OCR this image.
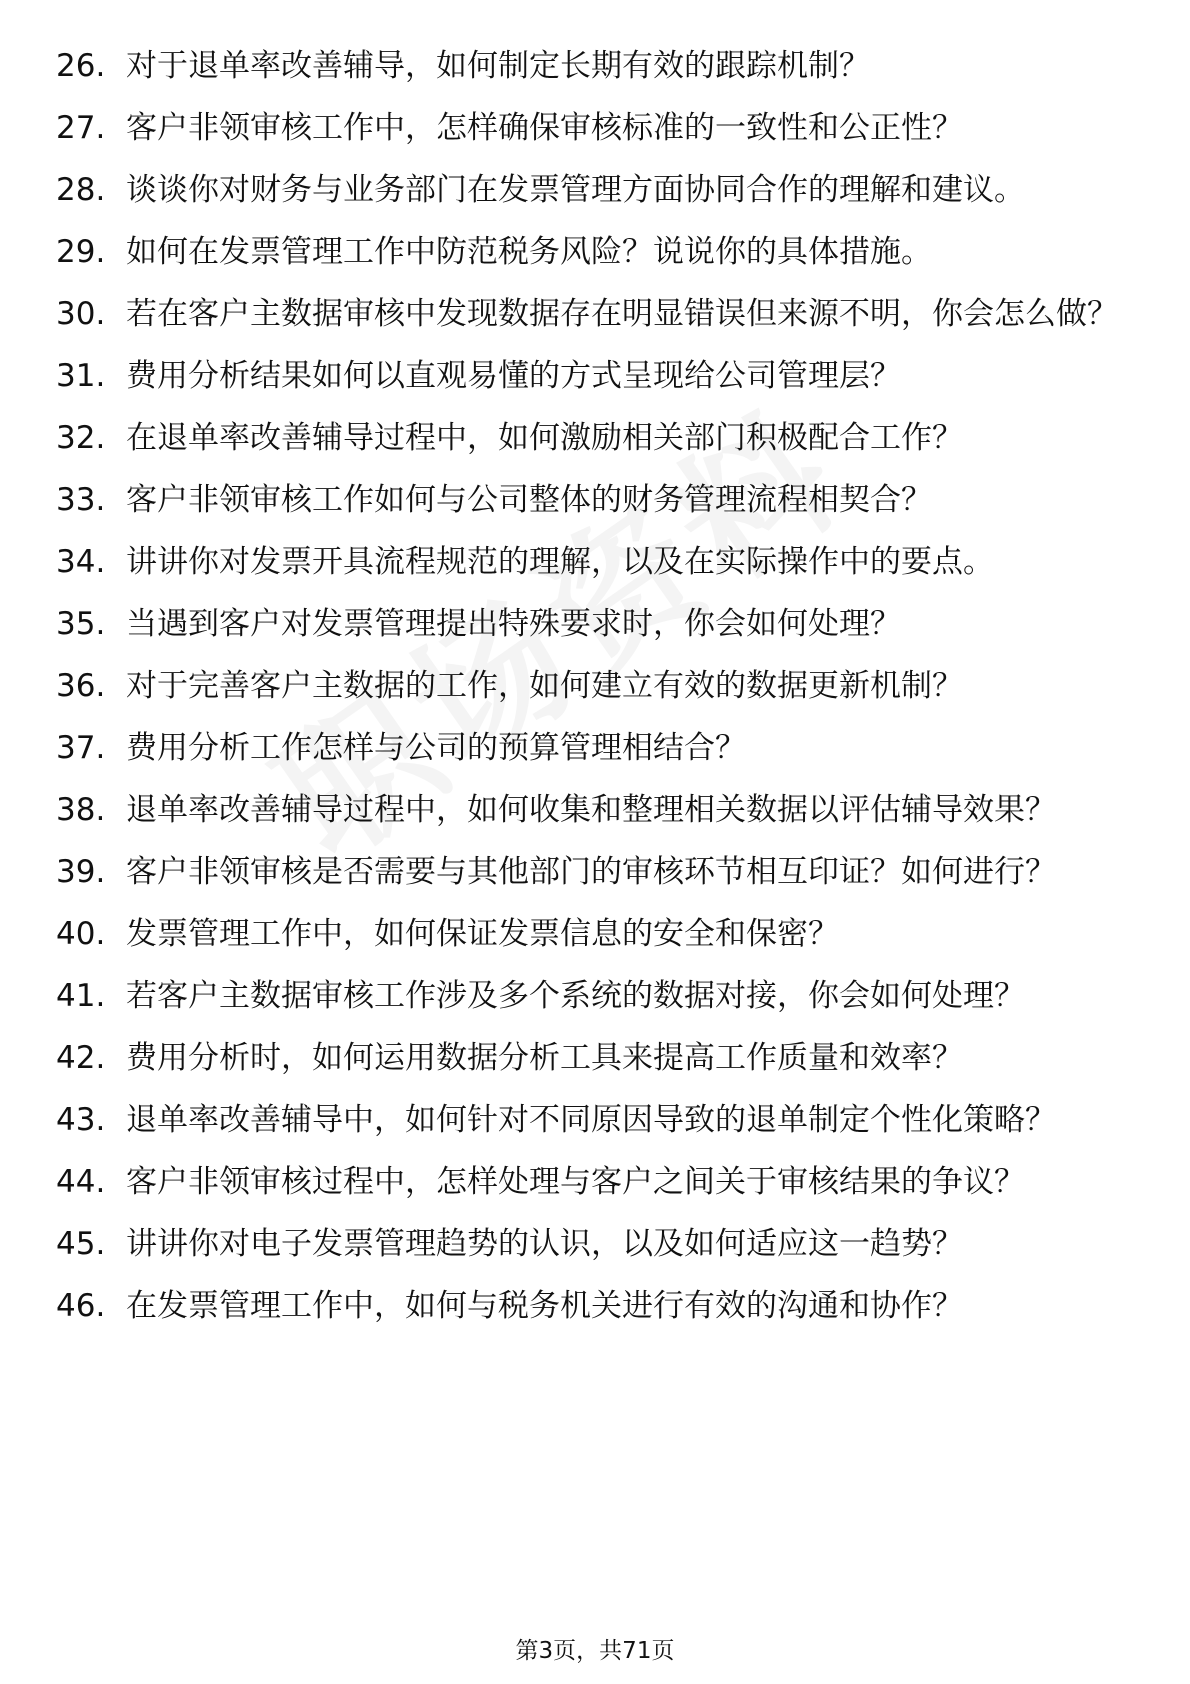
26. 对于退单率改善辅导，如何制定长期有效的跟踪机制？
27. 客户非领审核工作中，怎样确保审核标准的一致性和公正性？
28. 谈谈你对财务与业务部门在发票管理方面协同合作的理解和建议。
29. 如何在发票管理工作中防范税务风险？说说你的具体措施。
30. 若在客户主数据审核中发现数据存在明显错误但来源不明，你会怎么做？
31. 费用分析结果如何以直观易懂的方式呈现给公司管理层？
32. 在退单率改善辅导过程中，如何激励相关部门积极配合工作？
33. 客户非领审核工作如何与公司整体的财务管理流程相契合？
34. 讲讲你对发票开具流程规范的理解，以及在实际操作中的要点。
35. 当遇到客户对发票管理提出特殊要求时，你会如何处理？
36. 对于完善客户主数据的工作，如何建立有效的数据更新机制？
37. 费用分析工作怎样与公司的预算管理相结合？
38. 退单率改善辅导过程中，如何收集和整理相关数据以评估辅导效果？
39. 客户非领审核是否需要与其他部门的审核环节相互印证？如何进行？
40. 发票管理工作中，如何保证发票信息的安全和保密？
41. 若客户主数据审核工作涉及多个系统的数据对接，你会如何处理？
42. 费用分析时，如何运用数据分析工具来提高工作质量和效率？
43. 退单率改善辅导中，如何针对不同原因导致的退单制定个性化策略？
44. 客户非领审核过程中，怎样处理与客户之间关于审核结果的争议？
45. 讲讲你对电子发票管理趋势的认识，以及如何适应这一趋势？
46. 在发票管理工作中，如何与税务机关进行有效的沟通和协作？
第3页，共71页
